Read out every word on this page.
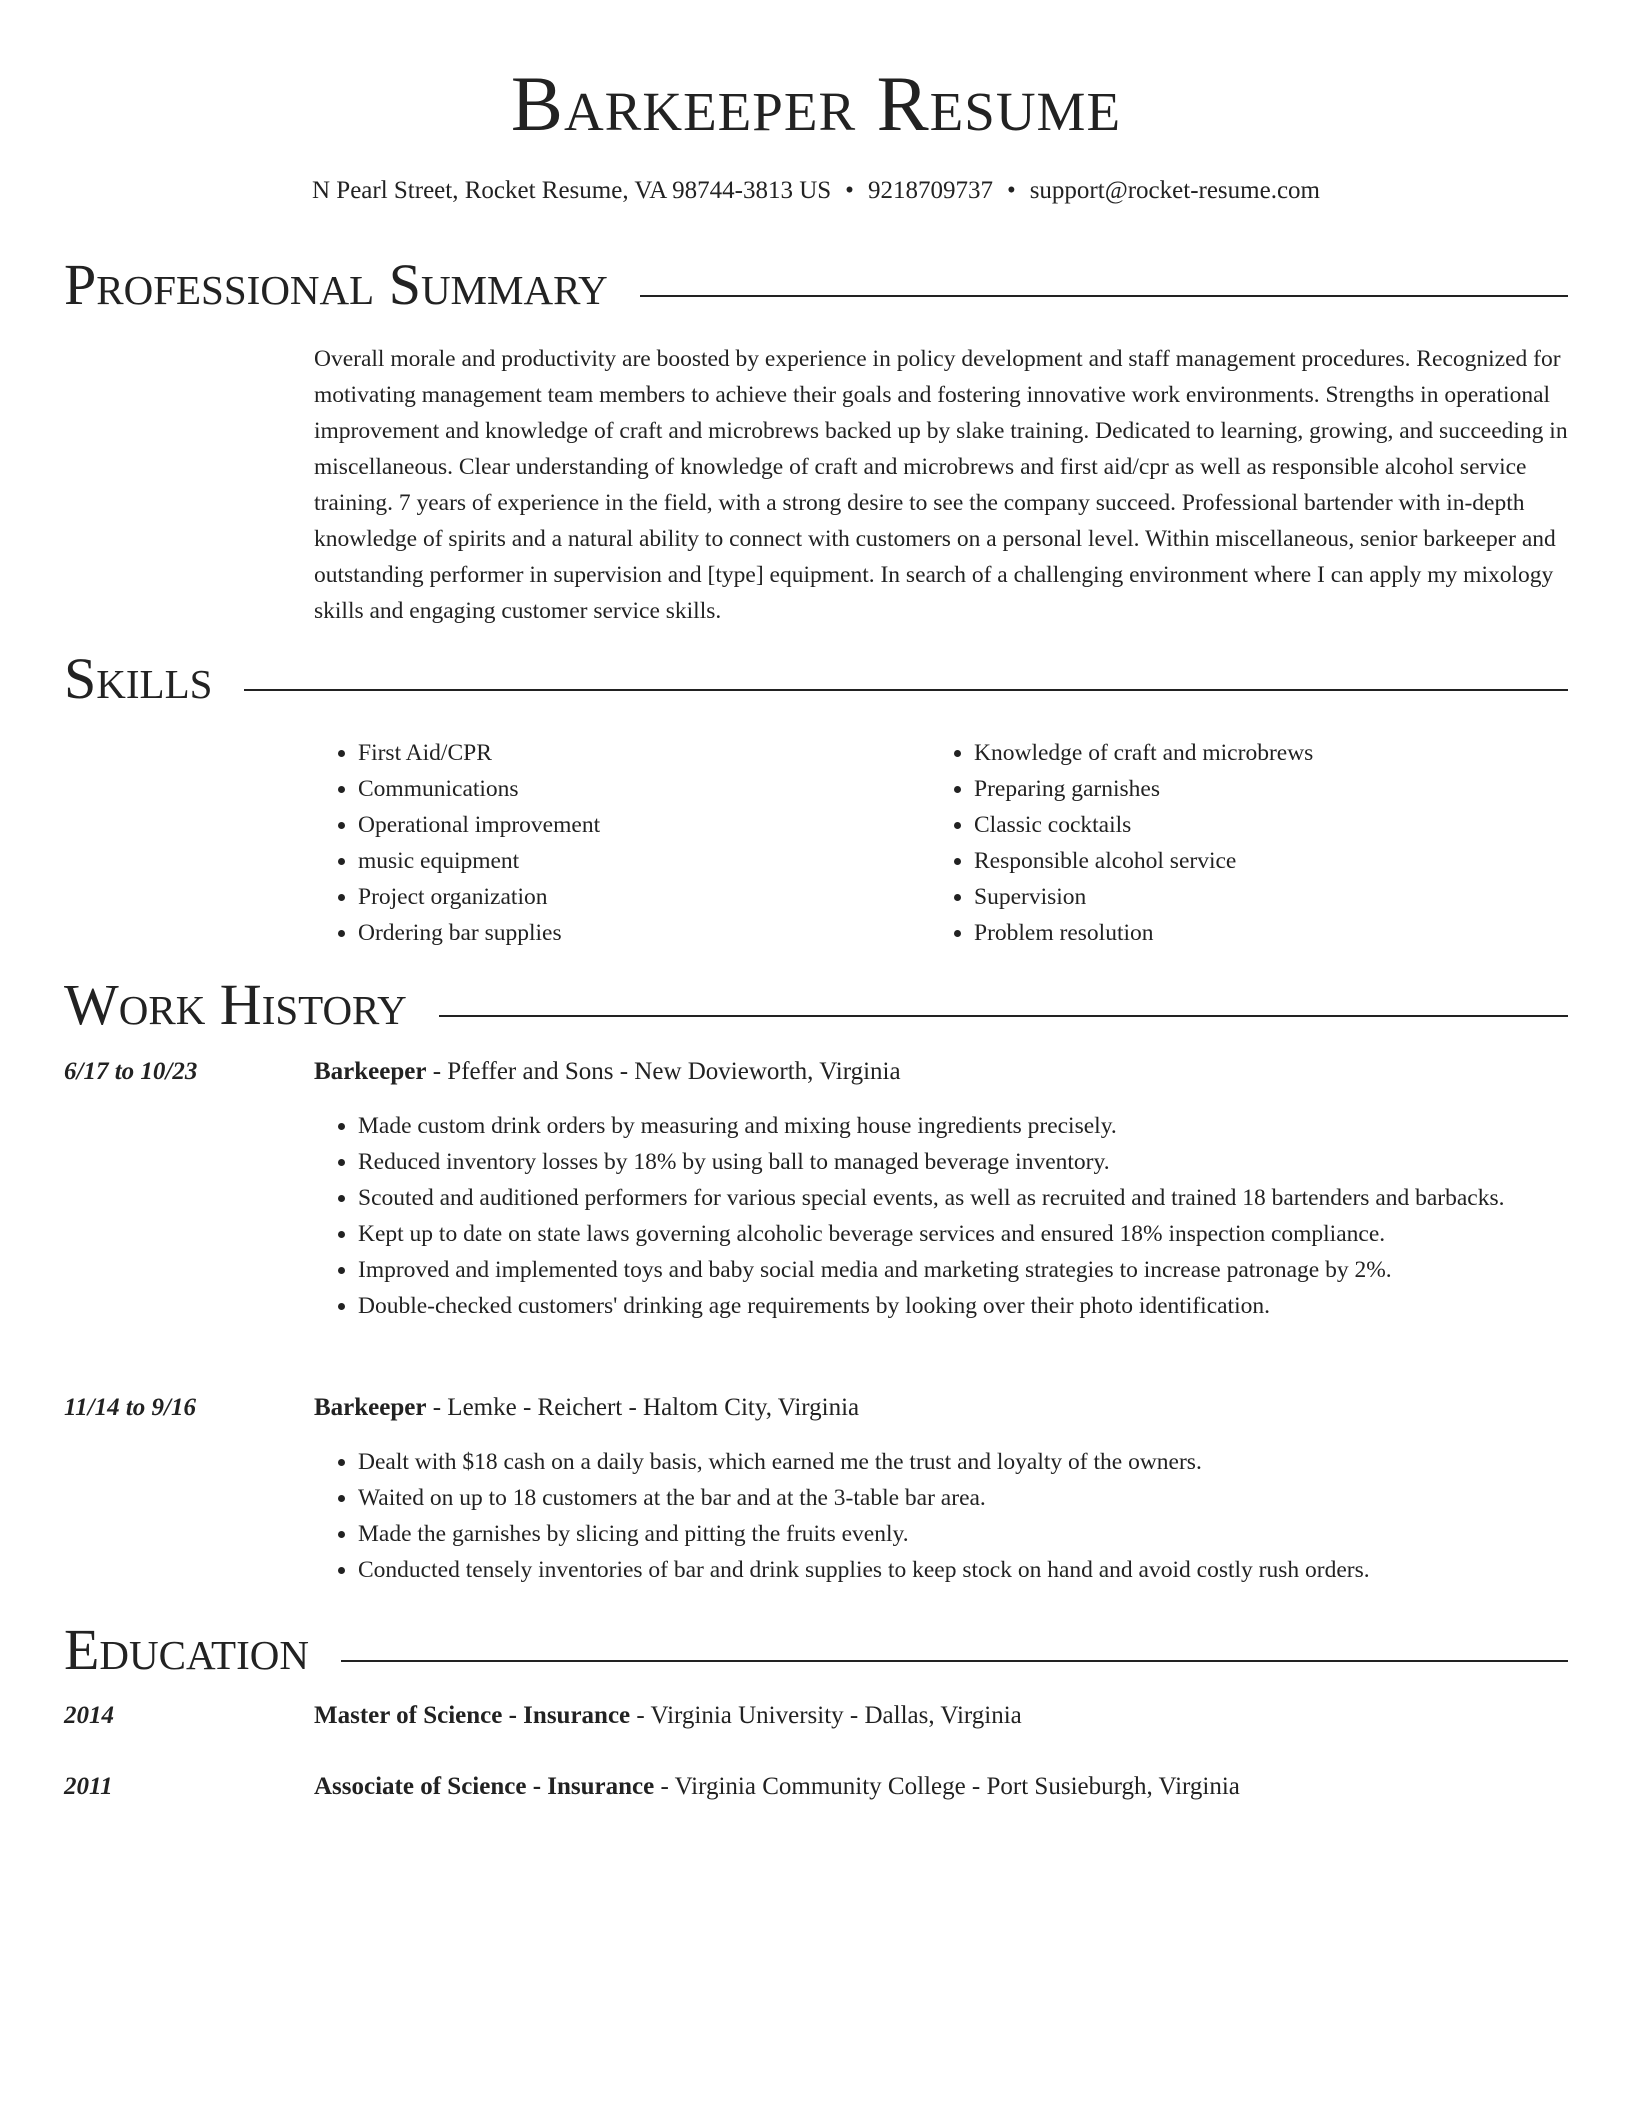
Barkeeper Resume
N Pearl Street, Rocket Resume, VA 98744-3813 US • 9218709737 • support@rocket-resume.com
Professional Summary

Overall morale and productivity are boosted by experience in policy development and staff management procedures. Recognized for motivating management team members to achieve their goals and fostering innovative work environments. Strengths in operational improvement and knowledge of craft and microbrews backed up by slake training. Dedicated to learning, growing, and succeeding in miscellaneous. Clear understanding of knowledge of craft and microbrews and first aid/cpr as well as responsible alcohol service training. 7 years of experience in the field, with a strong desire to see the company succeed. Professional bartender with in-depth knowledge of spirits and a natural ability to connect with customers on a personal level. Within miscellaneous, senior barkeeper and outstanding performer in supervision and [type] equipment. In search of a challenging environment where I can apply my mixology skills and engaging customer service skills.

Skills
• First Aid/CPR
• Communications
• Operational improvement
• music equipment
• Project organization
• Ordering bar supplies
• Knowledge of craft and microbrews
• Preparing garnishes
• Classic cocktails
• Responsible alcohol service
• Supervision
• Problem resolution
Work History
6/17 to 10/23	Barkeeper - Pfeffer and Sons - New Dovieworth, Virginia
• Made custom drink orders by measuring and mixing house ingredients precisely.
• Reduced inventory losses by 18% by using ball to managed beverage inventory.
• Scouted and auditioned performers for various special events, as well as recruited and trained 18 bartenders and barbacks.
• Kept up to date on state laws governing alcoholic beverage services and ensured 18% inspection compliance.
• Improved and implemented toys and baby social media and marketing strategies to increase patronage by 2%.
• Double-checked customers' drinking age requirements by looking over their photo identification.
11/14 to 9/16	Barkeeper - Lemke - Reichert - Haltom City, Virginia
• Dealt with $18 cash on a daily basis, which earned me the trust and loyalty of the owners.
• Waited on up to 18 customers at the bar and at the 3-table bar area.
• Made the garnishes by slicing and pitting the fruits evenly.
• Conducted tensely inventories of bar and drink supplies to keep stock on hand and avoid costly rush orders.
Education
2014	Master of Science - Insurance - Virginia University - Dallas, Virginia
2011	Associate of Science - Insurance - Virginia Community College - Port Susieburgh, Virginia
